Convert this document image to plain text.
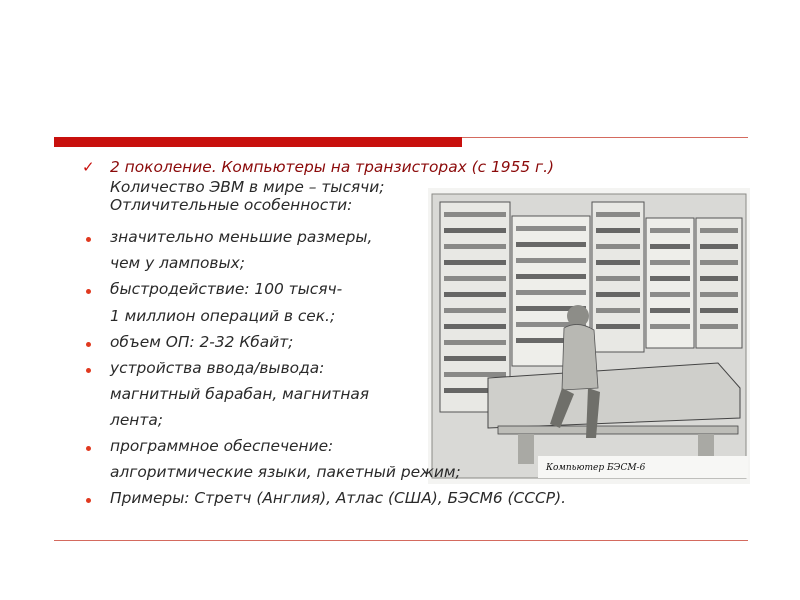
Компьютер БЭСМ-6
✓ 2 поколение. Компьютеры на транзисторах (с 1955 г.)
Количество ЭВМ в мире – тысячи;
Отличительные особенности:
значительно меньшие размеры,
чем у ламповых;
быстродействие: 100 тысяч-
1 миллион операций в сек.;
объем ОП: 2-32 Кбайт;
устройства ввода/вывода:
магнитный барабан, магнитная
лента;
программное обеспечение:
алгоритмические языки, пакетный режим;
Примеры: Стретч (Англия), Атлас (США), БЭСМ6 (СССР).
